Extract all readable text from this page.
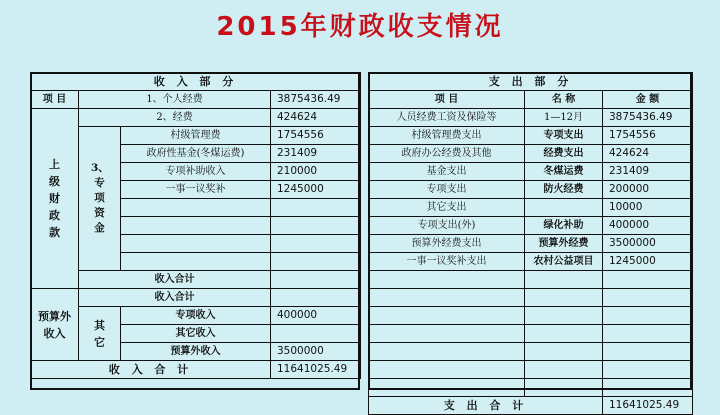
2015年财政收支情况
收 入 部 分			
项 目	1、个人经费		3875436.49
上级财政款	2、经费		424624
	3、专项资金	村级管理费	1754556
		政府性基金(冬煤运费)	231409
		专项补助收入	210000
		一事一议奖补	1245000

	收入合计		
预算外收入	收入合计		
	其它	专项收入	400000
		其它收入	
		预算外收入	3500000
收 入 合 计			11641025.49
支 出 部 分		
项 目	名 称	金 额
人员经费工资及保险等	1—12月	3875436.49
村级管理费支出	专项支出	1754556
政府办公经费及其他	经费支出	424624
基金支出	冬煤运费	231409
专项支出	防火经费	200000
其它支出		10000
专项支出(外)	绿化补助	400000
预算外经费支出	预算外经费	3500000
一事一议奖补支出	农村公益项目	1245000

支 出 合 计		11641025.49
